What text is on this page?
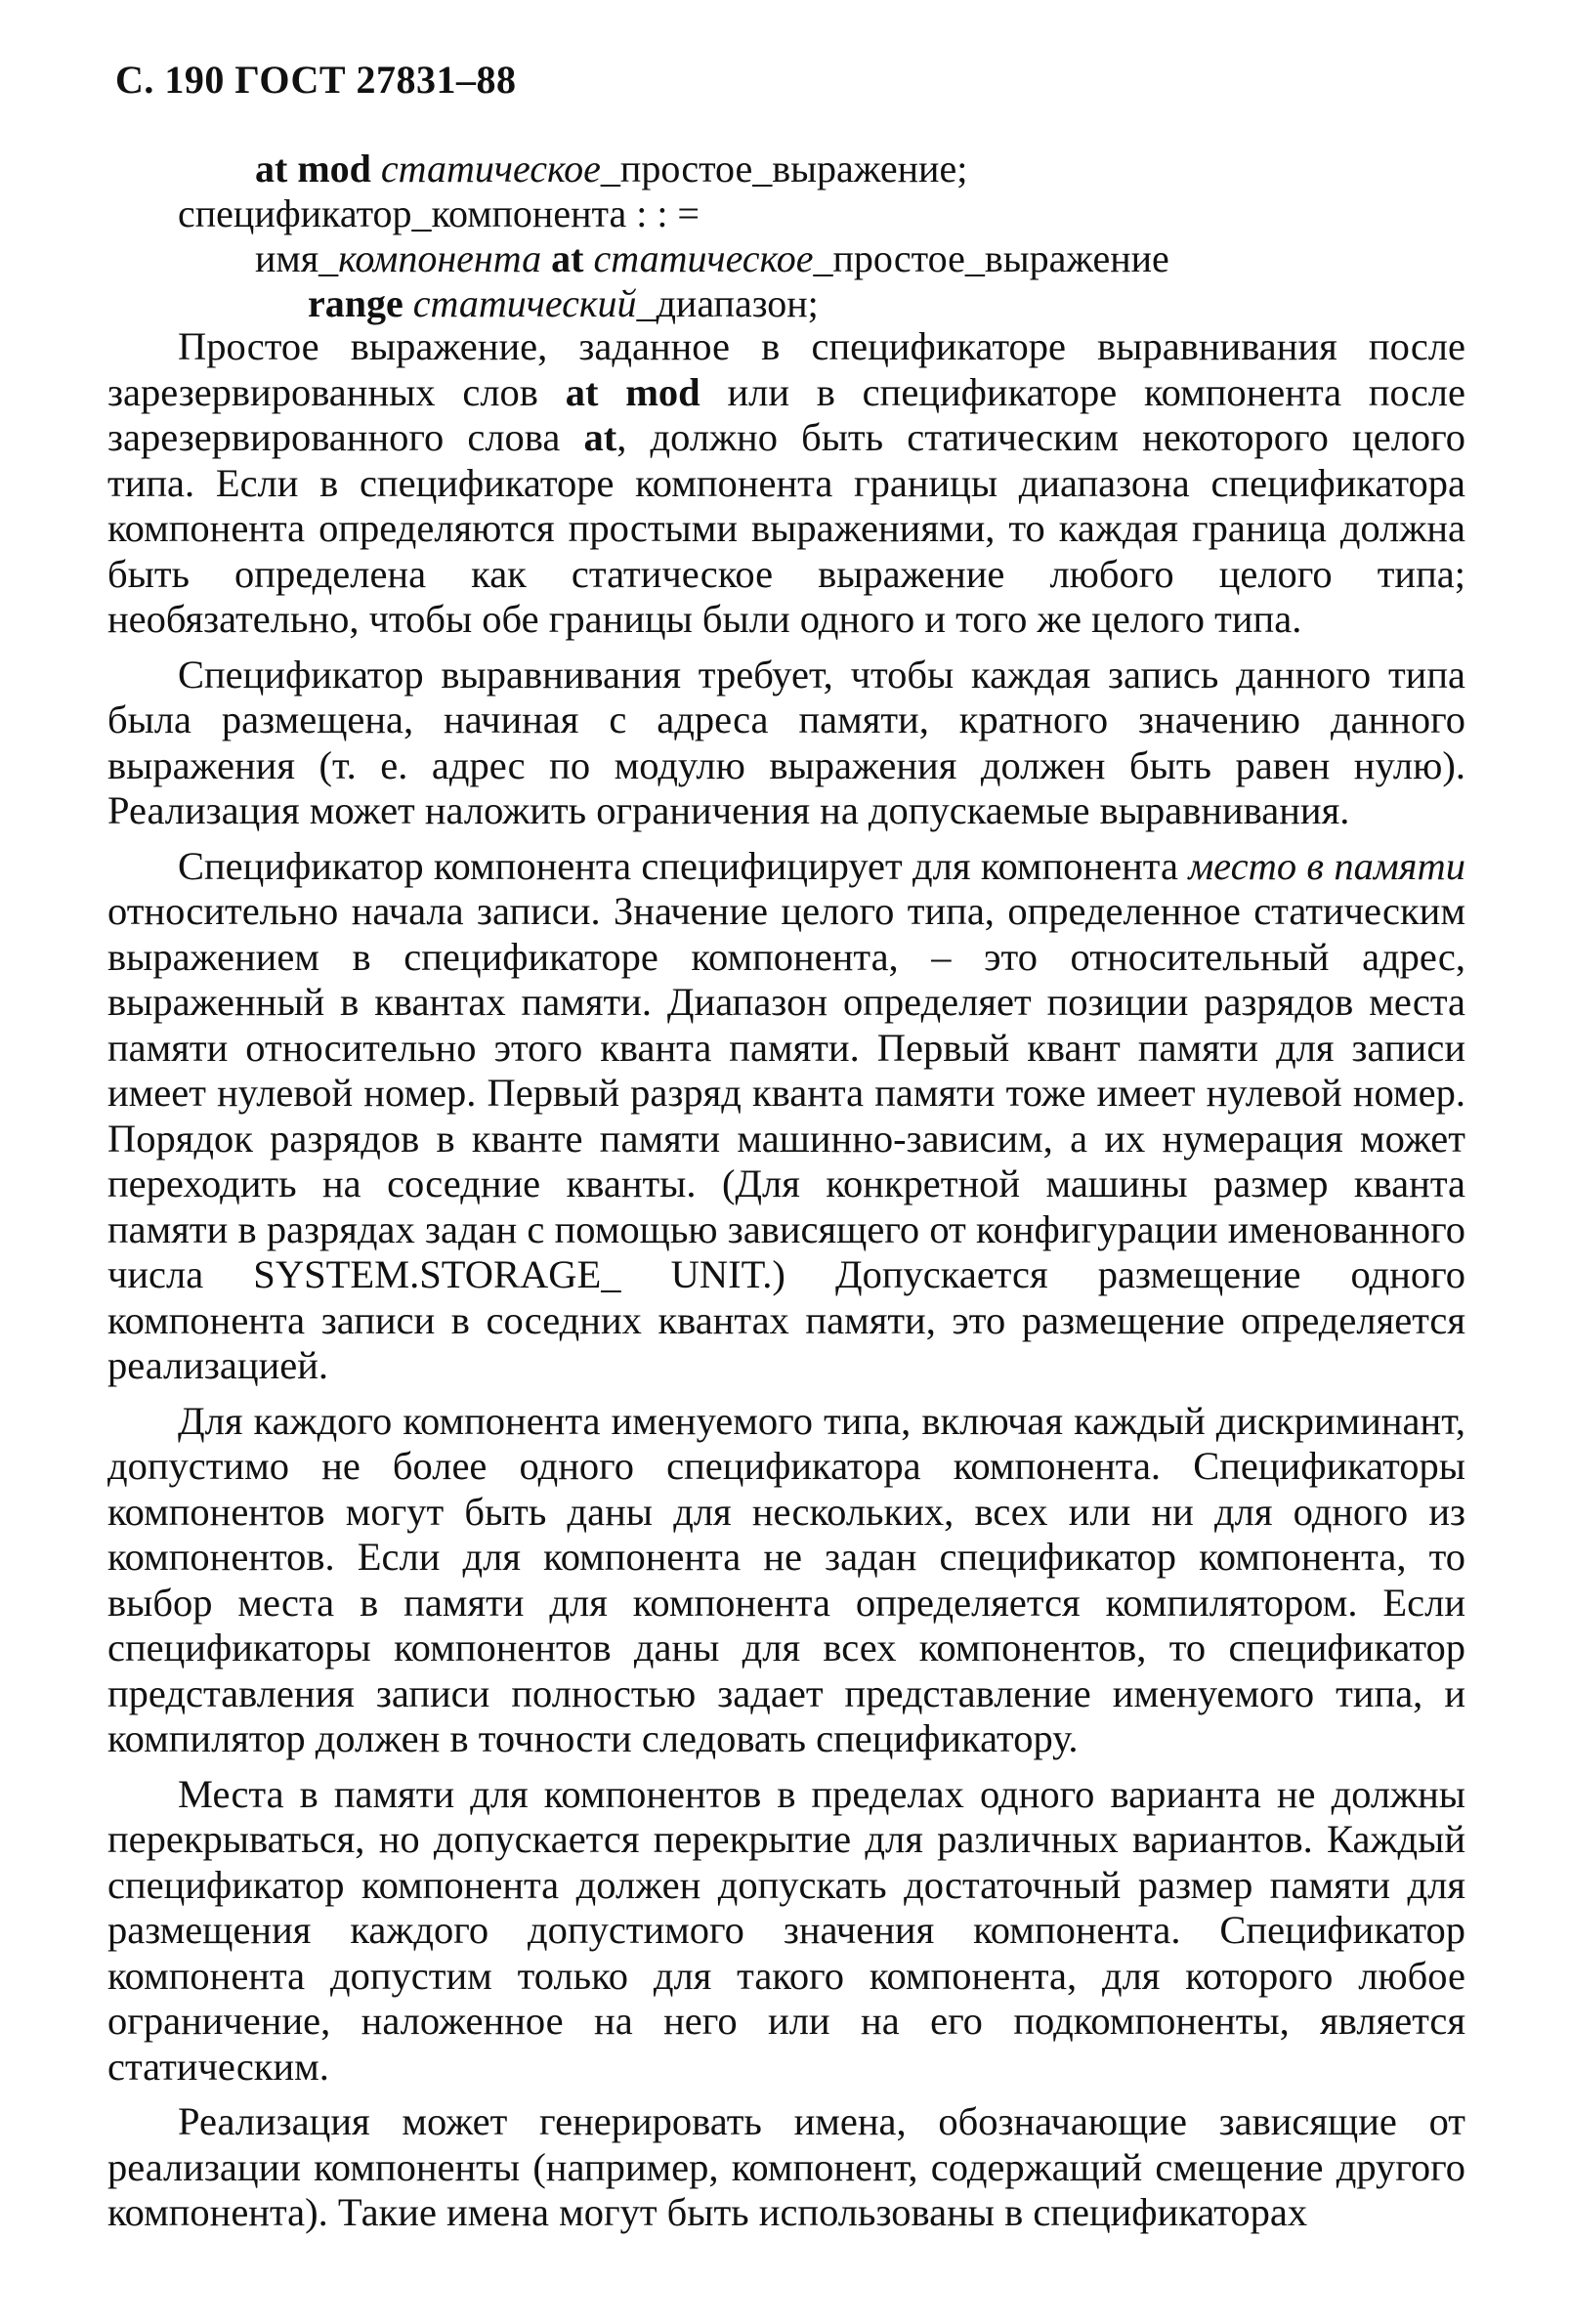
С. 190 ГОСТ 27831–88
at mod статическое_простое_выражение;
спецификатор_компонента : : =
имя_компонента at статическое_простое_выражение
range статический_диапазон;

Простое выражение, заданное в спецификаторе выравнивания после зарезервированных слов at mod или в спецификаторе компонента после зарезервированного слова at, должно быть статическим некоторого целого типа. Если в спецификаторе компонента границы диапазона спецификатора компонента определяются простыми выражениями, то каждая граница должна быть определена как статическое выражение любого целого типа; необязательно, чтобы обе границы были одного и того же целого типа.

Спецификатор выравнивания требует, чтобы каждая запись данного типа была размещена, начиная с адреса памяти, кратного значению данного выражения (т. е. адрес по модулю выражения должен быть равен нулю). Реализация может наложить ограничения на допускаемые выравнивания.

Спецификатор компонента специфицирует для компонента место в памяти относительно начала записи. Значение целого типа, определенное статическим выражением в спецификаторе компонента, – это относительный адрес, выраженный в квантах памяти. Диапазон определяет позиции разрядов места памяти относительно этого кванта памяти. Первый квант памяти для записи имеет нулевой номер. Первый разряд кванта памяти тоже имеет нулевой номер. Порядок разрядов в кванте памяти машинно-зависим, а их нумерация может переходить на соседние кванты. (Для конкретной машины размер кванта памяти в разрядах задан с помощью зависящего от конфигурации именованного числа SYSTEM.STORAGE_ UNIT.) Допускается размещение одного компонента записи в соседних квантах памяти, это размещение определяется реализацией.

Для каждого компонента именуемого типа, включая каждый дискриминант, допустимо не более одного спецификатора компонента. Спецификаторы компонентов могут быть даны для нескольких, всех или ни для одного из компонентов. Если для компонента не задан спецификатор компонента, то выбор места в памяти для компонента определяется компилятором. Если спецификаторы компонентов даны для всех компонентов, то спецификатор представления записи полностью задает представление именуемого типа, и компилятор должен в точности следовать спецификатору.

Места в памяти для компонентов в пределах одного варианта не должны перекрываться, но допускается перекрытие для различных вариантов. Каждый спецификатор компонента должен допускать достаточный размер памяти для размещения каждого допустимого значения компонента. Спецификатор компонента допустим только для такого компонента, для которого любое ограничение, наложенное на него или на его подкомпоненты, является статическим.

Реализация может генерировать имена, обозначающие зависящие от реализации компоненты (например, компонент, содержащий смещение другого компонента). Такие имена могут быть использованы в спецификаторах
